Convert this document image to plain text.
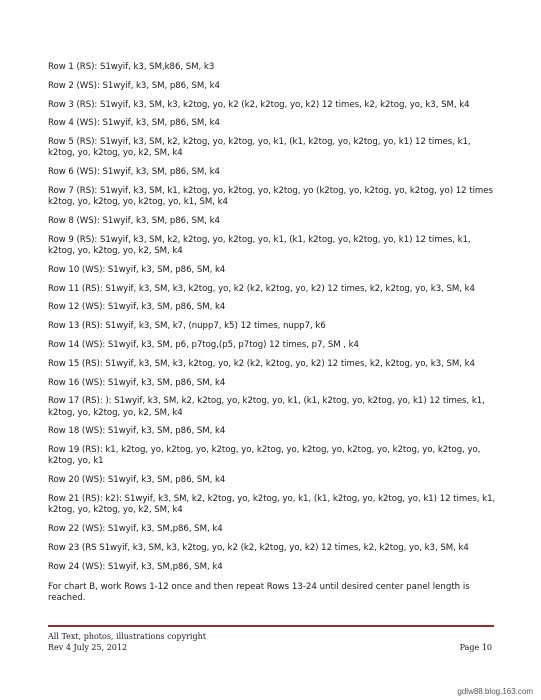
Row 1 (RS): S1wyif, k3, SM,k86, SM, k3

Row 2 (WS): S1wyif, k3, SM, p86, SM, k4

Row 3 (RS): S1wyif, k3, SM, k3, k2tog, yo, k2 (k2, k2tog, yo, k2) 12 times, k2, k2tog, yo, k3, SM, k4

Row 4 (WS): S1wyif, k3, SM, p86, SM, k4

Row 5 (RS): S1wyif, k3, SM, k2, k2tog, yo, k2tog, yo, k1, (k1, k2tog, yo, k2tog, yo, k1) 12 times, k1, k2tog, yo, k2tog, yo, k2, SM, k4

Row 6 (WS): S1wyif, k3, SM, p86, SM, k4

Row 7 (RS): S1wyif, k3, SM, k1, k2tog, yo, k2tog, yo, k2tog, yo (k2tog, yo, k2tog, yo, k2tog, yo) 12 times k2tog, yo, k2tog, yo, k2tog, yo, k1, SM, k4

Row 8 (WS): S1wyif, k3, SM, p86, SM, k4

Row 9 (RS): S1wyif, k3, SM, k2, k2tog, yo, k2tog, yo, k1, (k1, k2tog, yo, k2tog, yo, k1) 12 times, k1, k2tog, yo, k2tog, yo, k2, SM, k4

Row 10 (WS): S1wyif, k3, SM, p86, SM, k4

Row 11 (RS): S1wyif, k3, SM, k3, k2tog, yo, k2 (k2, k2tog, yo, k2) 12 times, k2, k2tog, yo, k3, SM, k4

Row 12 (WS): S1wyif, k3, SM, p86, SM, k4

Row 13 (RS): S1wyif, k3, SM, k7, (nupp7, k5) 12 times, nupp7, k6

Row 14 (WS): S1wyif, k3, SM, p6, p7tog,(p5, p7tog) 12 times, p7, SM , k4

Row 15 (RS): S1wyif, k3, SM, k3, k2tog, yo, k2 (k2, k2tog, yo, k2) 12 times, k2, k2tog, yo, k3, SM, k4

Row 16 (WS): S1wyif, k3, SM, p86, SM, k4

Row 17 (RS): ): S1wyif, k3, SM, k2, k2tog, yo, k2tog, yo, k1, (k1, k2tog, yo, k2tog, yo, k1) 12 times, k1, k2tog, yo, k2tog, yo, k2, SM, k4

Row 18 (WS): S1wyif, k3, SM, p86, SM, k4

Row 19 (RS): k1, k2tog, yo, k2tog, yo, k2tog, yo, k2tog, yo, k2tog, yo, k2tog, yo, k2tog, yo, k2tog, yo, k2tog, yo, k1

Row 20 (WS): S1wyif, k3, SM, p86, SM, k4

Row 21 (RS): k2): S1wyif, k3, SM, k2, k2tog, yo, k2tog, yo, k1, (k1, k2tog, yo, k2tog, yo, k1) 12 times, k1, k2tog, yo, k2tog, yo, k2, SM, k4

Row 22 (WS): S1wyif, k3, SM,p86, SM, k4

Row 23 (RS S1wyif, k3, SM, k3, k2tog, yo, k2 (k2, k2tog, yo, k2) 12 times, k2, k2tog, yo, k3, SM, k4

Row 24 (WS): S1wyif, k3, SM,p86, SM, k4

For chart B, work Rows 1-12 once and then repeat Rows 13-24 until desired center panel length is reached.

All Text, photos, illustrations copyright
Rev 4 July 25, 2012	Page 10
gdlw88.blog.163.com
